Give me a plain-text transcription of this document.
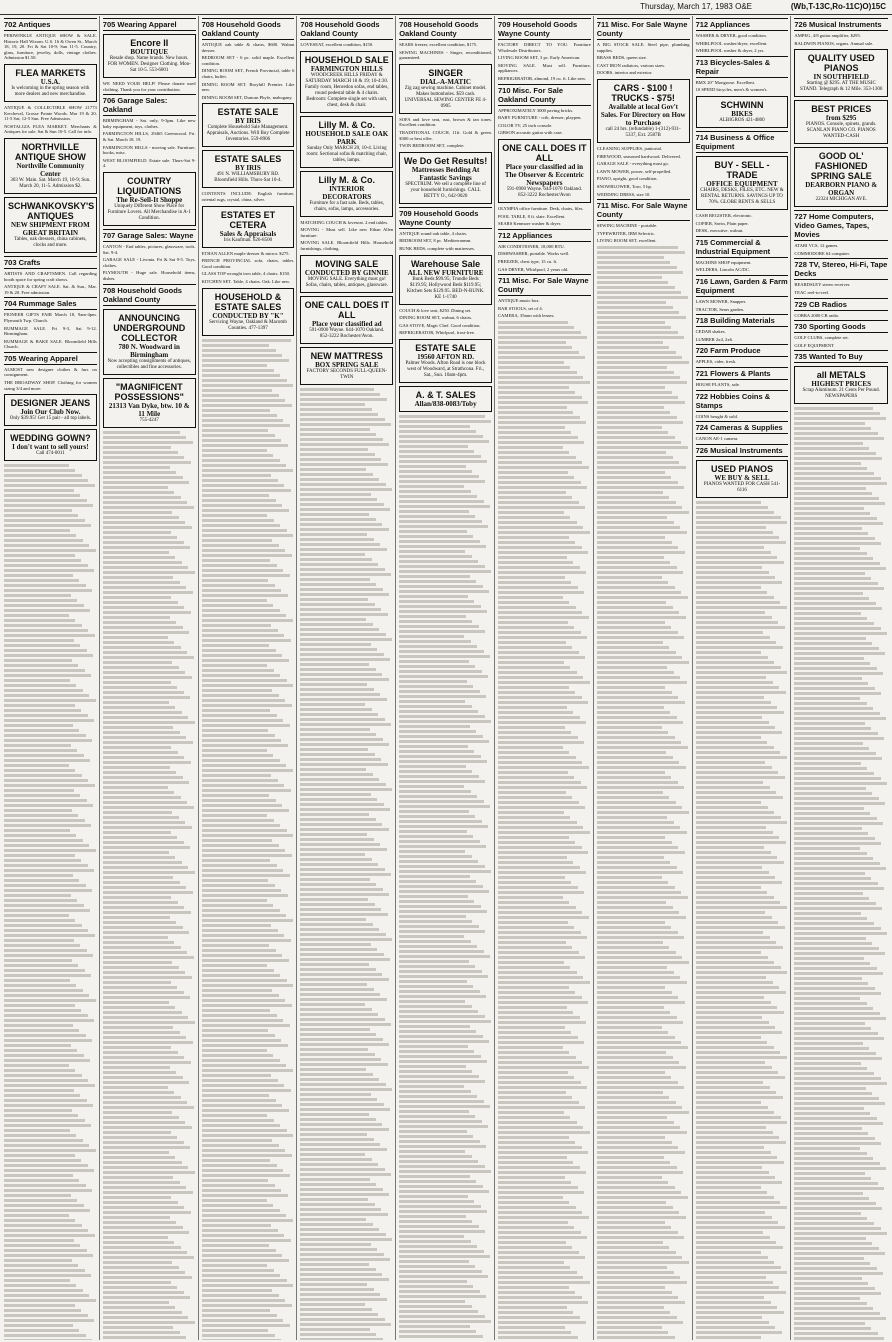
Thursday, March 17, 1983 O&E	(Wb,T-13C,Ro-11C)O)15C
702 Antiques

PERIWINKLE ANTIQUE SHOW & SALE. Historic Hall Wixom. U.S. 16 & Owen St., March 18, 19, 20. Fri & Sat 10-9; Sun 11-5. Country, glass, furniture, jewelry, dolls, vintage clothes. Admission $1.50.

FLEA MARKETS
U.S.A.
Is welcoming in the spring season with more dealers and new merchandise.

ANTIQUE & COLLECTIBLE SHOW 21773 Kercheval, Grosse Pointe Woods. Mar 19 & 20, 11-5 Sat; 12-5 Sun. Free Admission.

NOSTALGIA FLEA MARKET. Merchants & Antiques for sale. Sat & Sun 10-5. Call for info.

NORTHVILLE ANTIQUE SHOW
Northville Community Center
303 W. Main. Sat. March 19, 10-9; Sun. March 20, 11-5. Admission $2.
SCHWANKOVSKY'S ANTIQUES
NEW SHIPMENT FROM GREAT BRITAIN
Tables, oak dressers, china cabinets, clocks and more.
703 Crafts

ARTISTS AND CRAFTSMEN. Call regarding booth space for spring craft shows.

ANTIQUE & CRAFT SALE. Sat. & Sun., Mar. 19 & 20. Free admission.

704 Rummage Sales

PIONEER GIFTS FAIR March 18, 9am-4pm. Plymouth Twp. Church.

RUMMAGE SALE. Fri 9-3, Sat 9-12. Birmingham.

RUMMAGE & BAKE SALE. Bloomfield Hills Church.

705 Wearing Apparel

ALMOST new designer clothes & furs on consignment.

THE BROADWAY SHOP. Clothing for women sizing 3/4 and more.

DESIGNER JEANS
Join Our Club Now.
Only $39.95! Get 15 pair - all top labels.
WEDDING GOWN?
I don't want to sell yours!
Call 474-0011
705 Wearing Apparel
Encore II
BOUTIQUE
Resale shop. Name brands. New hours. FOR WOMEN. Designer Clothing. Mon-Sat 10-5. 553-6001

WE NEED YOUR HELP! Please donate used clothing. Thank you for your contribution.

706 Garage Sales: Oakland

BIRMINGHAM - Sat. only, 9-3pm. Like new baby equipment, toys, clothes.

FARMINGTON HILLS, 29465 Greenwood. Fri. & Sat. March 18, 19.

FARMINGTON HILLS - moving sale. Furniture, books, misc.

WEST BLOOMFIELD. Estate sale. Thurs-Sat 9-4.

COUNTRY LIQUIDATIONS
The Re-Sell-It Shoppe
Uniquely Different Show Place for Furniture Lovers. All Merchandise in A-1 Condition.
707 Garage Sales: Wayne

CANTON - End tables, pictures, glassware, tools. Sat. 9-4.

GARAGE SALE - Livonia. Fri & Sat 9-5. Toys, clothes.

PLYMOUTH - Huge sale. Household items, dishes.

708 Household Goods Oakland County
ANNOUNCING UNDERGROUND COLLECTOR
780 N. Woodward in Birmingham
Now accepting consignments of antiques, collectibles and fine accessories.
"MAGNIFICENT POSSESSIONS"
21313 Van Dyke, btw. 10 & 11 Mile
755-4247
708 Household Goods Oakland County

ANTIQUE oak table & chairs, $600. Walnut dresser.

BEDROOM SET - 6 pc. solid maple. Excellent condition.

DINING ROOM SET, French Provincial, table 6 chairs, buffet.

DINING ROOM SET. Broyhill Premier. Like new.

DINING ROOM SET, Duncan Phyfe, mahogany.

ESTATE SALE
BY IRIS
Complete Household Sale Management. Appraisals, Auctions. Will Buy Complete Inventories. 559-8906
ESTATE SALES
BY IRIS
491 N. WILLIAMSBURY RD. Bloomfield Hills. Thurs-Sat 10-4.

CONTENTS INCLUDE: English furniture, oriental rugs, crystal, china, silver.

ESTATES ET CETERA
Sales & Appraisals
Iris Kaufman. 626-8500

ETHAN ALLEN maple dresser & mirror. $275.

FRENCH PROVINCIAL sofa, chairs, tables. Good condition.

GLASS TOP wrought iron table, 4 chairs. $150.

KITCHEN SET. Table, 4 chairs. Oak. Like new.

HOUSEHOLD & ESTATE SALES
CONDUCTED BY "K"
Servicing Wayne, Oakland & Macomb Counties. 477-1397
708 Household Goods Oakland County

LOVESEAT, excellent condition, $150.

HOUSEHOLD SALE
FARMINGTON HILLS
WOODCREEK HILLS FRIDAY & SATURDAY MARCH 18 & 19; 10-4:30. Family room, Henredon sofas, end tables, round pedestal table & 4 chairs. Bedroom: Complete single set with unit, chest, desk & chair.
Lilly M. & Co.
HOUSEHOLD SALE OAK PARK
Sunday Only MARCH 20, 10-4. Living room: Sectional sofas & matching chair, tables, lamps.
Lilly M. & Co.
INTERIOR DECORATORS
Furniture for a fast sale. Beds, tables, chairs, sofas, lamps, accessories.

MATCHING COUCH & loveseat. 2 end tables.

MOVING - Must sell. Like new Ethan Allen furniture.

MOVING SALE. Bloomfield Hills. Household furnishings, clothing.

MOVING SALE
CONDUCTED BY GINNIE
MOVING SALE. Everything must go! Sofas, chairs, tables, antiques, glassware.
ONE CALL DOES IT ALL
Place your classified ad
591-0900 Wayne. 644-1070 Oakland. 852-3222 Rochester/Avon.
NEW MATTRESS
BOX SPRING SALE
FACTORY SECONDS FULL-QUEEN-TWIN
708 Household Goods Oakland County

SEARS freezer, excellent condition, $175.

SEWING MACHINES - Singer, reconditioned, guaranteed.

SINGER
DIAL-A-MATIC
Zig zag sewing machine. Cabinet model. Makes buttonholes. $59 cash. UNIVERSAL SEWING CENTER FE 4-0905

SOFA and love seat, rust, brown & tan tones. Excellent condition.

TRADITIONAL COUCH, 11ft. Gold & green. $300 or best offer.

TWIN BEDROOM SET, complete.

We Do Get Results!
Mattresses Bedding At Fantastic Savings
SPECTRUM. We sell a complete line of your household furnishings. CALL BETTY O., 642-9020
709 Household Goods Wayne County

ANTIQUE round oak table, 4 chairs.

BEDROOM SET, 8 pc. Mediterranean.

BUNK BEDS, complete with mattresses.

Warehouse Sale
ALL NEW FURNITURE
Bunk Beds $99.95; Trundle Beds $119.95; Hollywood Beds $119.95; Kitchen Sets $129.95. BED-N-BUNK. KE 1-1740

COUCH & love seat, $250. Dining set.

DINING ROOM SET, walnut, 6 chairs.

GAS STOVE, Magic Chef. Good condition.

REFRIGERATOR, Whirlpool, frost-free.

ESTATE SALE
19560 AFTON RD.
Palmer Woods. Afton Road is one block west of Woodward, at Strathcona. Fri., Sat., Sun. 10am-4pm.
A. & T. SALES
Allan/838-0083/Toby
709 Household Goods Wayne County

FACTORY DIRECT TO YOU. Furniture Wholesale Distributors.

LIVING ROOM SET, 3 pc. Early American.

MOVING SALE. Must sell. Furniture, appliances.

REFRIGERATOR, almond, 19 cu. ft. Like new.

710 Misc. For Sale Oakland County

APPROXIMATELY 3000 paving bricks.

BABY FURNITURE - crib, dresser, playpen.

COLOR TV, 25 inch console.

GIBSON acoustic guitar with case.

ONE CALL DOES IT ALL
Place your classified ad in The Observer & Eccentric Newspapers
591-0900 Wayne. 644-1070 Oakland. 852-3222 Rochester/Avon

OLYMPIA office furniture. Desk, chairs, files.

POOL TABLE, 8 ft. slate. Excellent.

SEARS Kenmore washer & dryer.

712 Appliances

AIR CONDITIONER, 18,000 BTU.

DISHWASHER, portable. Works well.

FREEZER, chest type, 15 cu. ft.

GAS DRYER, Whirlpool, 2 years old.

711 Misc. For Sale Wayne County

ANTIQUE music box.

BAR STOOLS, set of 4.

CAMERA, 35mm with lenses.

711 Misc. For Sale Wayne County

A BIG STOCK SALE. Steel pipe, plumbing supplies.

BRASS BEDS, queen size.

CAST IRON radiators, various sizes.

DOORS, interior and exterior.

CARS - $100 ! TRUCKS - $75!
Available at local Gov't Sales. For Directory on How to Purchase
call 24 hrs. (refundable) 1-(312)-931-5337, Ext. 2587B

CLEANING SUPPLIES, janitorial.

FIREWOOD, seasoned hardwood. Delivered.

GARAGE SALE - everything must go.

LAWN MOWER, power, self-propelled.

PIANO, upright, good condition.

SNOWBLOWER, Toro, 5 hp.

WEDDING DRESS, size 10.

711 Misc. For Sale Wayne County

SEWING MACHINE - portable.

TYPEWRITER, IBM Selectric.

LIVING ROOM SET, excellent.

712 Appliances

WASHER & DRYER, good condition.

WHIRLPOOL washer/dryer, excellent.

WHIRLPOOL washer & dryer, 2 yrs.

713 Bicycles-Sales & Repair

BMX 20" Mongoose. Excellent.

10 SPEED bicycles, men's & women's.

SCHWINN
BIKES
ALBIGROS 421-4800
714 Business & Office Equipment
BUY - SELL - TRADE
OFFICE EQUIPMENT
CHAIRS, DESKS, FILES, ETC. NEW & RENTAL RETURNS. SAVINGS UP TO 70%. GLOBE RENTS & SELLS

CASH REGISTER, electronic.

COPIER, Savin, Plain paper.

DESK, executive, walnut.

715 Commercial & Industrial Equipment

MACHINE SHOP equipment.

WELDERS, Lincoln AC/DC.

716 Lawn, Garden & Farm Equipment

LAWN MOWER, Snapper.

TRACTOR, Sears garden.

718 Building Materials

CEDAR shakes.

LUMBER 2x4, 2x6.

720 Farm Produce

APPLES, cider, fresh.

721 Flowers & Plants

HOUSE PLANTS, sale.

722 Hobbies Coins & Stamps

COINS bought & sold.

724 Cameras & Supplies

CANON AE-1 camera.

726 Musical Instruments
USED PIANOS
WE BUY & SELL
PIANOS WANTED FOR CASH 541-6116
726 Musical Instruments

AMPEG, 4/8 guitar amplifier, $295.

BALDWIN PIANOS, organs. Annual sale.

QUALITY USED PIANOS
IN SOUTHFIELD
Starting @ $295. AT THE MUSIC STAND. Telegraph & 12 Mile. 353-1300
BEST PRICES
from $295
PIANOS. Console, spinets, grands. SCANLAN PIANO CO. PIANOS WANTED-CASH
GOOD OL' FASHIONED SPRING SALE
DEARBORN PIANO & ORGAN
22324 MICHIGAN AVE.
727 Home Computers, Video Games, Tapes, Movies

ATARI VCS, 12 games.

COMMODORE 64 computer.

728 TV, Stereo, Hi-Fi, Tape Decks

BEARDSLEY stereo receiver.

TEAC reel-to-reel.

729 CB Radios

COBRA 2000 CB radio.

730 Sporting Goods

GOLF CLUBS, complete set.

GOLF EQUIPMENT

735 Wanted To Buy
all METALS
HIGHEST PRICES
Scrap Aluminum. 21 Cents Per Pound. NEWSPAPERS
